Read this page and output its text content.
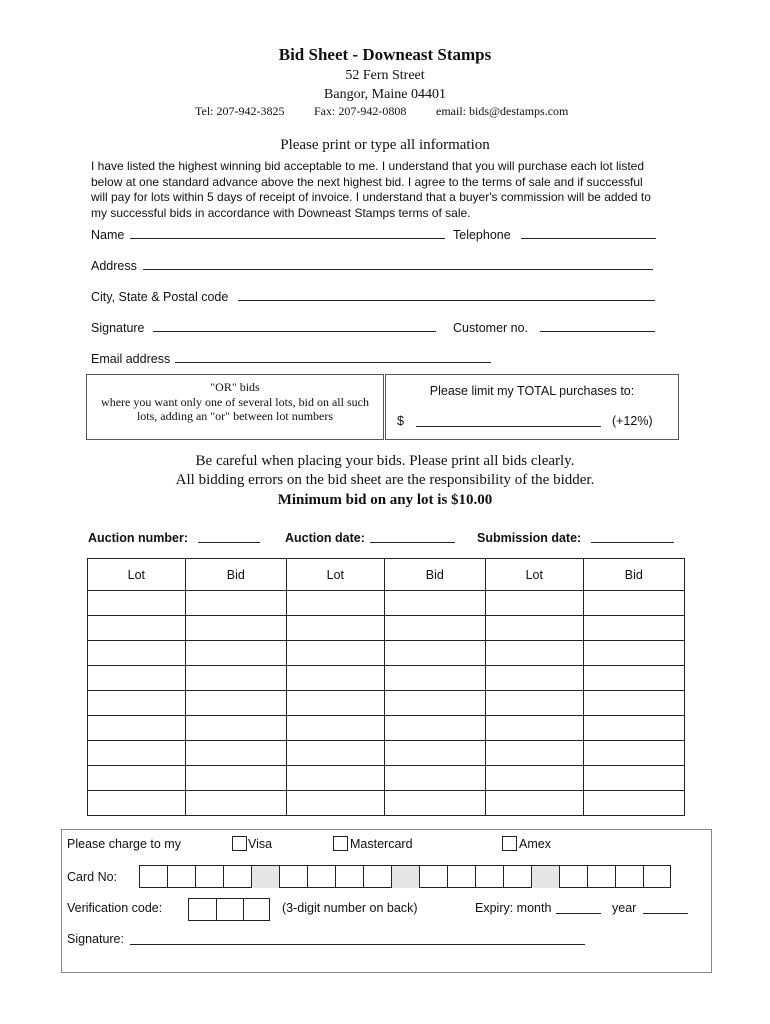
Bid Sheet - Downeast Stamps
52 Fern Street
Bangor, Maine 04401
Tel: 207-942-3825 Fax: 207-942-0808 email: bids@destamps.com
Please print or type all information
I have listed the highest winning bid acceptable to me. I understand that you will purchase each lot listed
below at one standard advance above the next highest bid. I agree to the terms of sale and if successful
will pay for lots within 5 days of receipt of invoice. I understand that a buyer's commission will be added to
my successful bids in accordance with Downeast Stamps terms of sale.
Name	Telephone
Address
City, State & Postal code
Signature	Customer no.
Email address
"OR" bids
where you want only one of several lots, bid on all such
lots, adding an "or" between lot numbers
Please limit my TOTAL purchases to:
$	(+12%)
Be careful when placing your bids. Please print all bids clearly.
All bidding errors on the bid sheet are the responsibility of the bidder.
Minimum bid on any lot is $10.00
Auction number:	Auction date:	Submission date:
Lot	Bid	Lot	Bid	Lot	Bid

Please charge to my	Visa	Mastercard	Amex
Card No:
Verification code:	(3-digit number on back)	Expiry: month	year
Signature:
